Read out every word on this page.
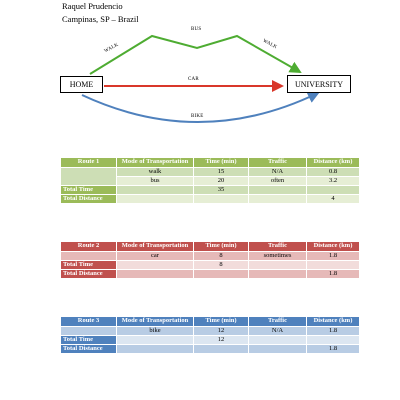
Raquel Prudencio
Campinas, SP – Brazil
HOME	UNIVERSITY
WALK
BUS
WALK
CAR
BIKE
Route 1	Mode of Transportation	Time (min)	Traffic	Distance (km)
	walk	15	N/A	0.8
	bus	20	often	3.2
Total Time		35		
Total Distance				4
Route 2	Mode of Transportation	Time (min)	Traffic	Distance (km)
	car	8	sometimes	1.8
Total Time		8		
Total Distance				1.8
Route 3	Mode of Transportation	Time (min)	Traffic	Distance (km)
	bike	12	N/A	1.8
Total Time		12		
Total Distance				1.8
